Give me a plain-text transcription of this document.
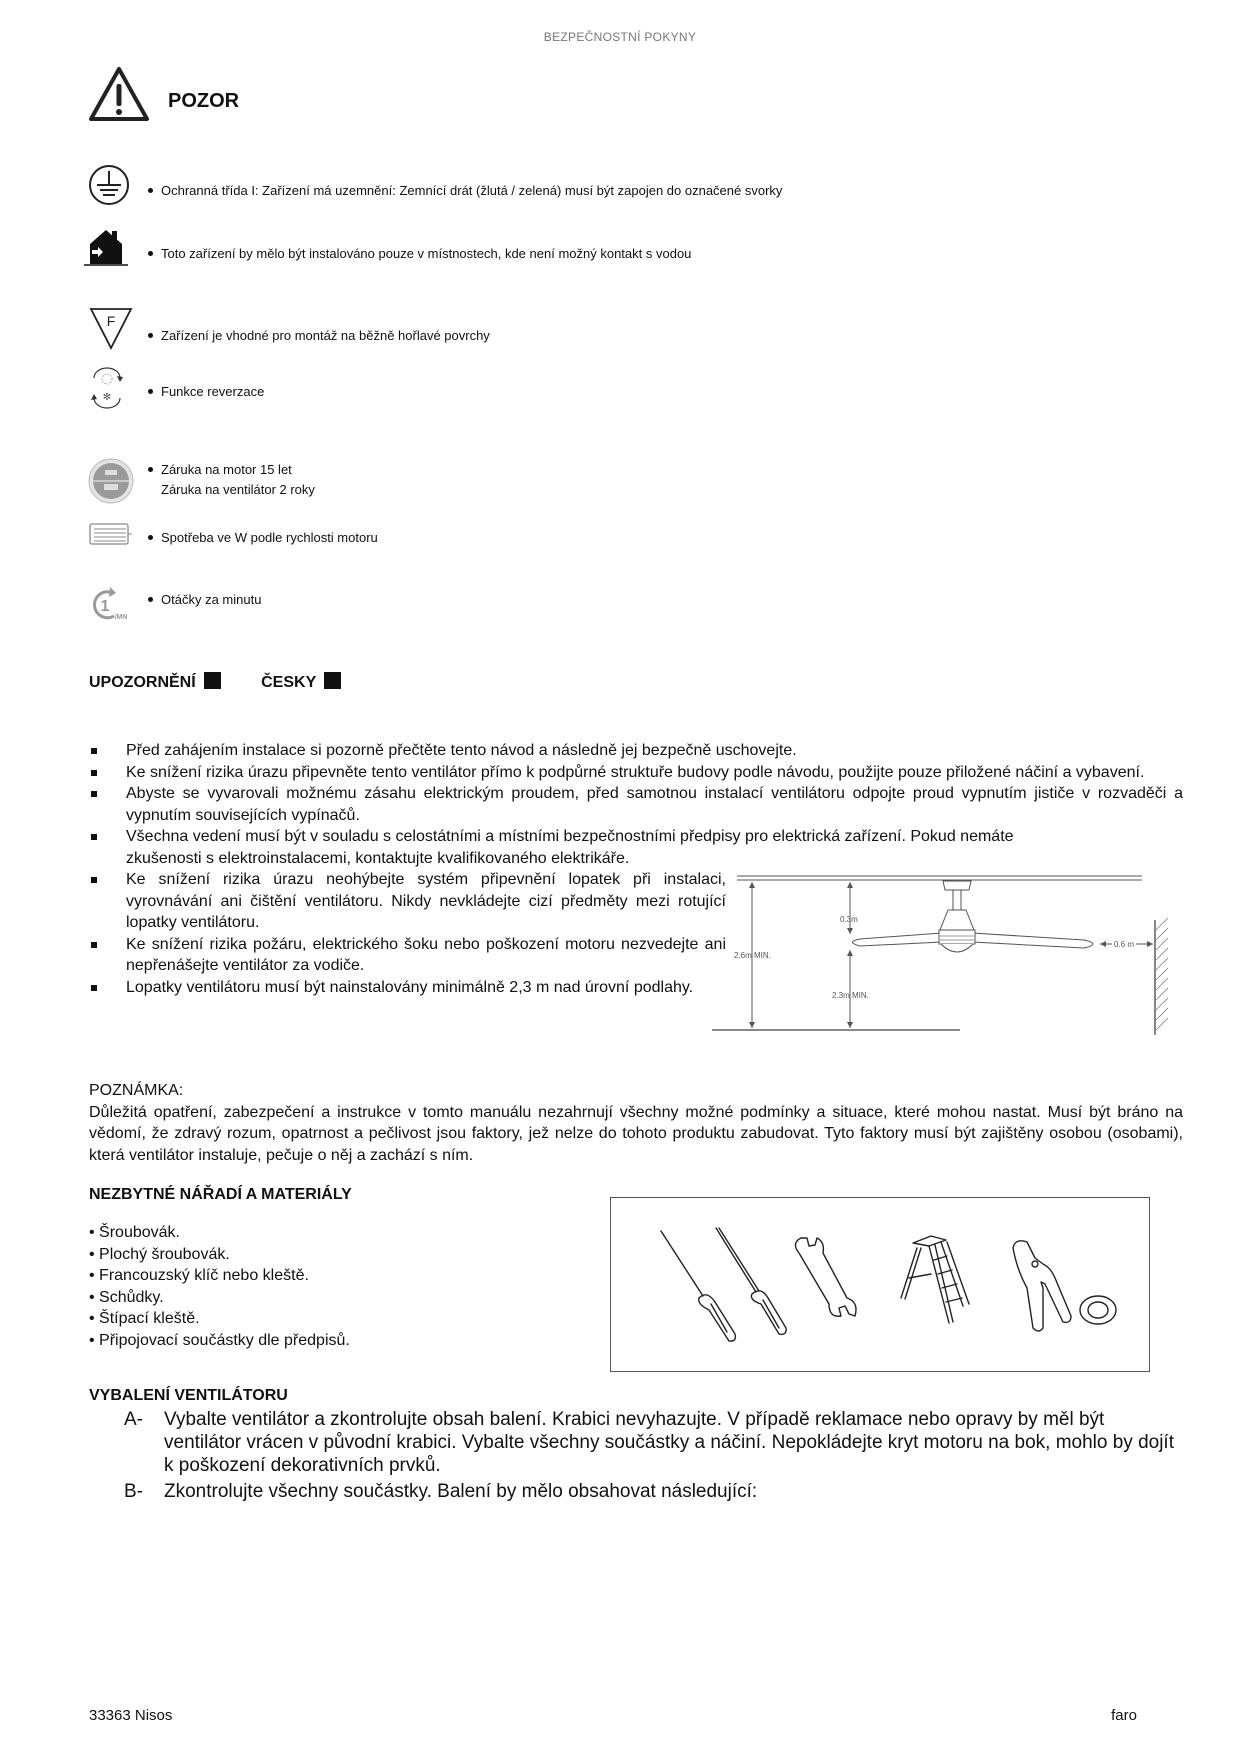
BEZPEČNOSTNÍ POKYNY
POZOR
Ochranná třída I: Zařízení má uzemnění: Zemnící drát (žlutá / zelená) musí být zapojen do označené svorky
Toto zařízení by mělo být instalováno pouze v místnostech, kde není možný kontakt s vodou
F
Zařízení je vhodné pro montáž na běžně hořlavé povrchy
✻	Funkce reverzace
Záruka na motor 15 let
Záruka na ventilátor 2 roky
Spotřeba ve W podle rychlosti motoru
1
/MN
Otáčky za minutu
UPOZORNĚNÍ	ČESKY
Před zahájením instalace si pozorně přečtěte tento návod a následně jej bezpečně uschovejte.
Ke snížení rizika úrazu připevněte tento ventilátor přímo k podpůrné struktuře budovy podle návodu, použijte pouze přiložené náčiní a vybavení.
Abyste se vyvarovali možnému zásahu elektrickým proudem, před samotnou instalací ventilátoru odpojte proud vypnutím jističe v rozvaděči a vypnutím souvisejících vypínačů.
Všechna vedení musí být v souladu s celostátními a místními bezpečnostními předpisy pro elektrická zařízení. Pokud nemáte
zkušenosti s elektroinstalacemi, kontaktujte kvalifikovaného elektrikáře.
Ke snížení rizika úrazu neohýbejte systém připevnění lopatek při instalaci, vyrovnávání ani čištění ventilátoru. Nikdy nevkládejte cizí předměty mezi rotující lopatky ventilátoru.
Ke snížení rizika požáru, elektrického šoku nebo poškození motoru nezvedejte ani nepřenášejte ventilátor za vodiče.
Lopatky ventilátoru musí být nainstalovány minimálně 2,3 m nad úrovní podlahy.
2.6m MIN.
0.3m
2.3m MIN.
0.6 m

POZNÁMKA:

Důležitá opatření, zabezpečení a instrukce v tomto manuálu nezahrnují všechny možné podmínky a situace, které mohou nastat. Musí být bráno na vědomí, že zdravý rozum, opatrnost a pečlivost jsou faktory, jež nelze do tohoto produktu zabudovat. Tyto faktory musí být zajištěny osobou (osobami), která ventilátor instaluje, pečuje o něj a zachází s ním.

NEZBYTNÉ NÁŘADÍ A MATERIÁLY
• Šroubovák.
• Plochý šroubovák.
• Francouzský klíč nebo kleště.
• Schůdky.
• Štípací kleště.
• Připojovací součástky dle předpisů.
VYBALENÍ VENTILÁTORU
A- Vybalte ventilátor a zkontrolujte obsah balení. Krabici nevyhazujte. V případě reklamace nebo opravy by měl být ventilátor vrácen v původní krabici. Vybalte všechny součástky a náčiní. Nepokládejte kryt motoru na bok, mohlo by dojít k poškození dekorativních prvků.
B- Zkontrolujte všechny součástky. Balení by mělo obsahovat následující:
33363 Nisos	faro
